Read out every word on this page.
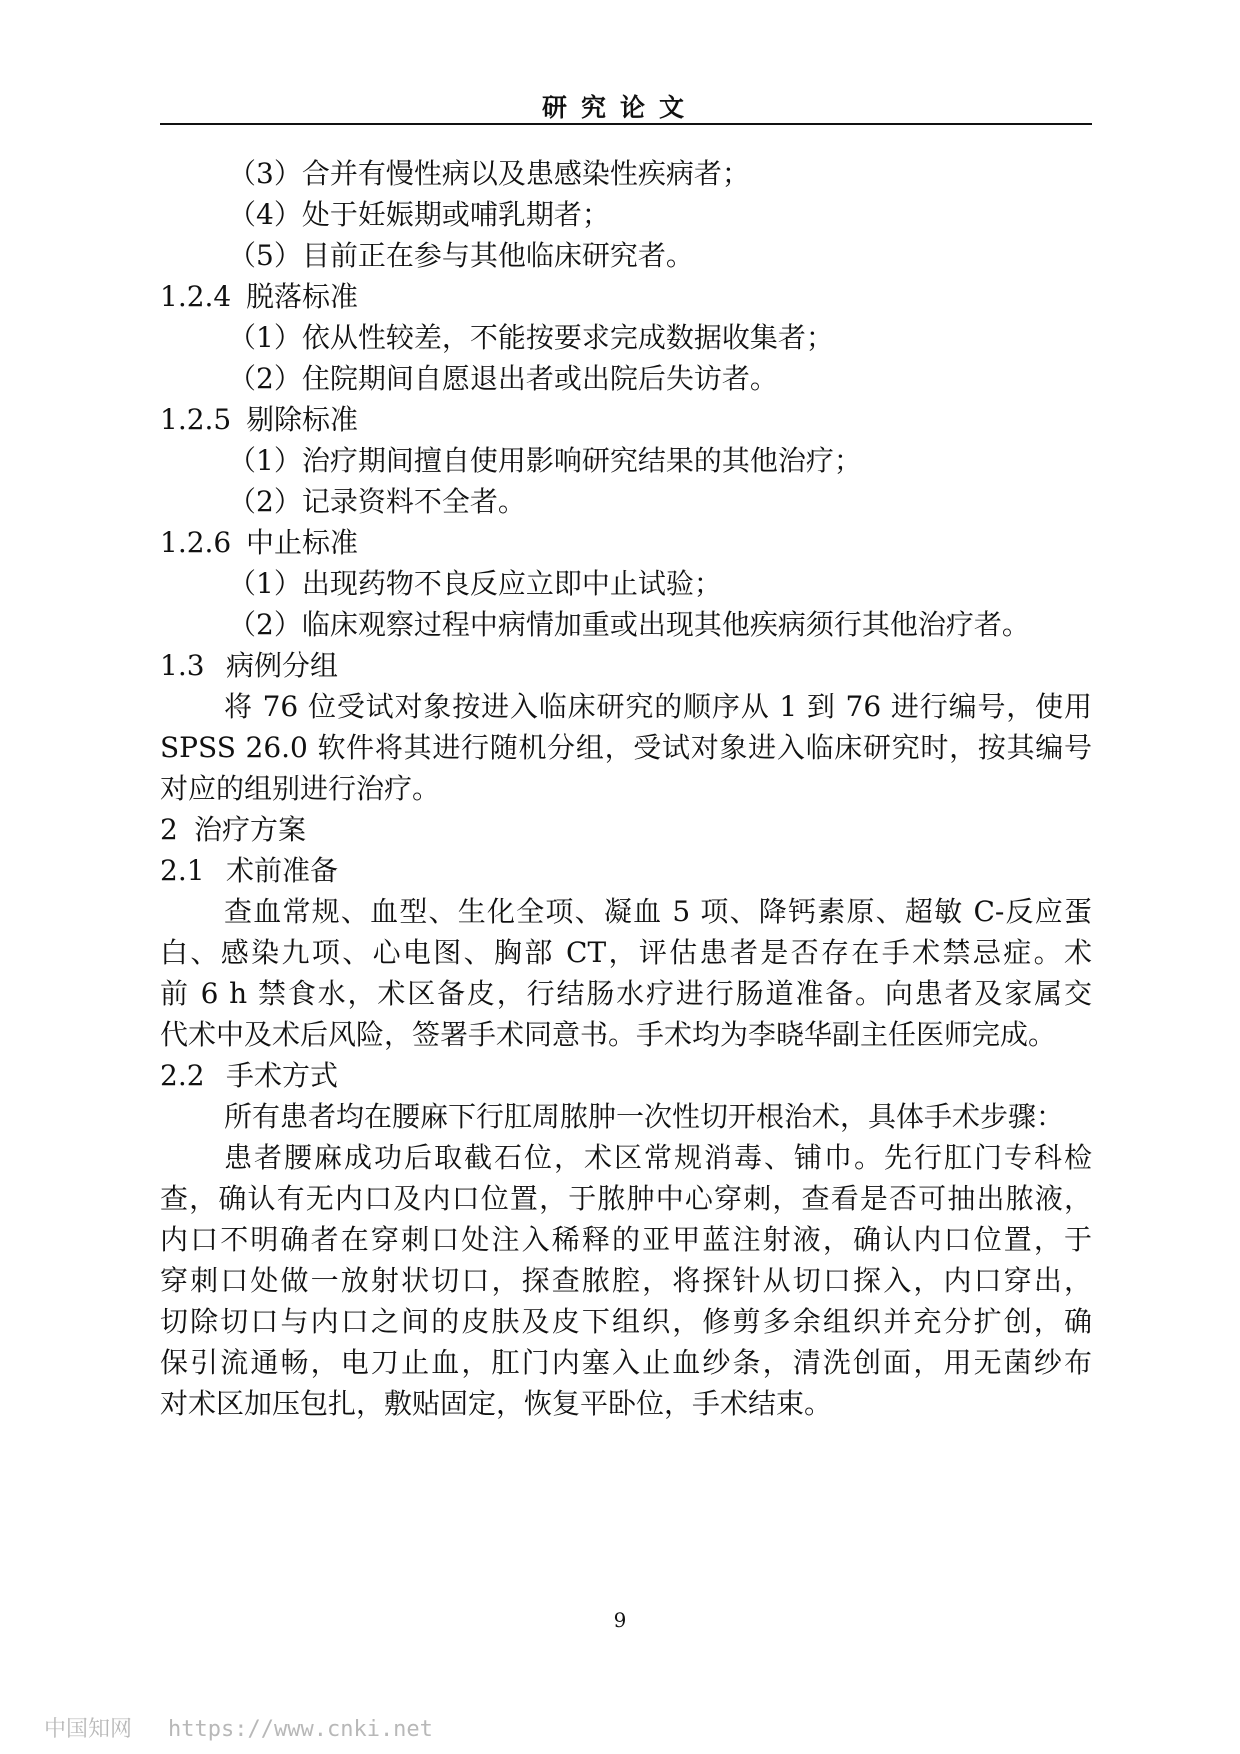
研究论文
（3）合并有慢性病以及患感染性疾病者；
（4）处于妊娠期或哺乳期者；
（5）目前正在参与其他临床研究者。
1.2.4 脱落标准
（1）依从性较差，不能按要求完成数据收集者；
（2）住院期间自愿退出者或出院后失访者。
1.2.5 剔除标准
（1）治疗期间擅自使用影响研究结果的其他治疗；
（2）记录资料不全者。
1.2.6 中止标准
（1）出现药物不良反应立即中止试验；
（2）临床观察过程中病情加重或出现其他疾病须行其他治疗者。
1.3 病例分组
将 76 位受试对象按进入临床研究的顺序从 1 到 76 进行编号，使用
SPSS 26.0 软件将其进行随机分组，受试对象进入临床研究时，按其编号
对应的组别进行治疗。
2 治疗方案
2.1 术前准备
查血常规、血型、生化全项、凝血 5 项、降钙素原、超敏 C-反应蛋
白、感染九项、心电图、胸部 CT，评估患者是否存在手术禁忌症。术
前 6 h 禁食水，术区备皮，行结肠水疗进行肠道准备。向患者及家属交
代术中及术后风险，签署手术同意书。手术均为李晓华副主任医师完成。
2.2 手术方式
所有患者均在腰麻下行肛周脓肿一次性切开根治术，具体手术步骤：
患者腰麻成功后取截石位，术区常规消毒、铺巾。先行肛门专科检
查，确认有无内口及内口位置，于脓肿中心穿刺，查看是否可抽出脓液，
内口不明确者在穿刺口处注入稀释的亚甲蓝注射液，确认内口位置，于
穿刺口处做一放射状切口，探查脓腔，将探针从切口探入，内口穿出，
切除切口与内口之间的皮肤及皮下组织，修剪多余组织并充分扩创，确
保引流通畅，电刀止血，肛门内塞入止血纱条，清洗创面，用无菌纱布
对术区加压包扎，敷贴固定，恢复平卧位，手术结束。
9
中国知网 https://www.cnki.net
